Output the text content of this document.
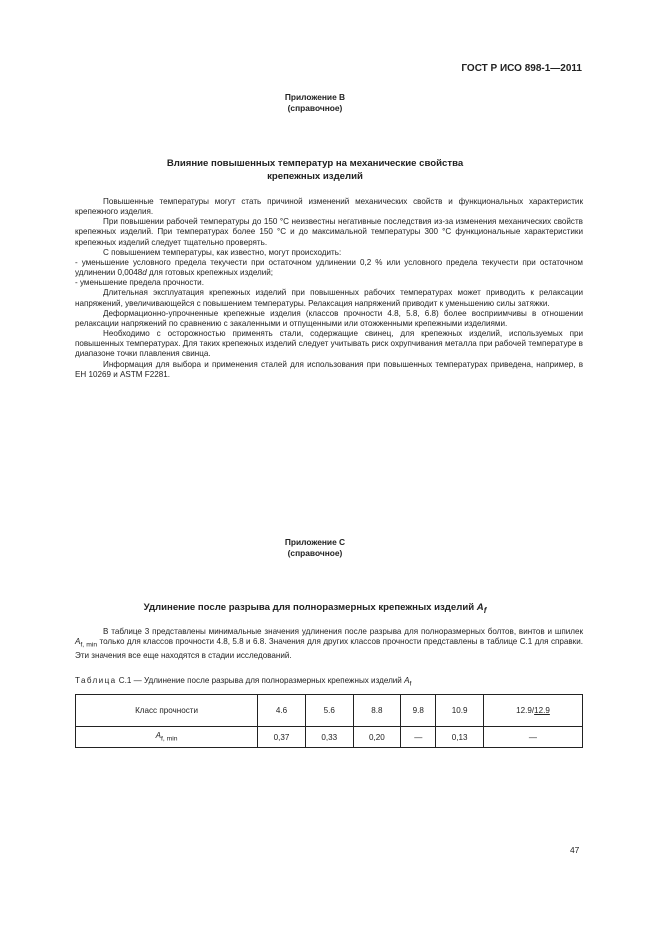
ГОСТ Р ИСО 898-1—2011
Приложение В
(справочное)
Влияние повышенных температур на механические свойства
крепежных изделий

Повышенные температуры могут стать причиной изменений механических свойств и функциональных характеристик крепежного изделия.

При повышении рабочей температуры до 150 °С неизвестны негативные последствия из-за изменения механических свойств крепежных изделий. При температурах более 150 °С и до максимальной температуры 300 °С функциональные характеристики крепежных изделий следует тщательно проверять.

С повышением температуры, как известно, могут происходить:

- уменьшение условного предела текучести при остаточном удлинении 0,2 % или условного предела текучести при остаточном удлинении 0,0048d для готовых крепежных изделий;

- уменьшение предела прочности.

Длительная эксплуатация крепежных изделий при повышенных рабочих температурах может приводить к релаксации напряжений, увеличивающейся с повышением температуры. Релаксация напряжений приводит к уменьшению силы затяжки.

Деформационно-упрочненные крепежные изделия (классов прочности 4.8, 5.8, 6.8) более восприимчивы в отношении релаксации напряжений по сравнению с закаленными и отпущенными или отожженными крепежными изделиями.

Необходимо с осторожностью применять стали, содержащие свинец, для крепежных изделий, используемых при повышенных температурах. Для таких крепежных изделий следует учитывать риск охрупчивания металла при рабочей температуре в диапазоне точки плавления свинца.

Информация для выбора и применения сталей для использования при повышенных температурах приведена, например, в ЕН 10269 и ASTM F2281.

Приложение С
(справочное)
Удлинение после разрыва для полноразмерных крепежных изделий $A_f$

В таблице 3 представлены минимальные значения удлинения после разрыва для полноразмерных болтов, винтов и шпилек $A_{f, min}$ только для классов прочности 4.8, 5.8 и 6.8. Значения для других классов прочности представлены в таблице С.1 для справки. Эти значения все еще находятся в стадии исследований.

Таблица С.1 — Удлинение после разрыва для полноразмерных крепежных изделий $A_f$
Класс прочности	4.6	5.6	8.8	9.8	10.9	12.9/12.9
$A_{f, min}$	0,37	0,33	0,20	—	0,13	—
47
